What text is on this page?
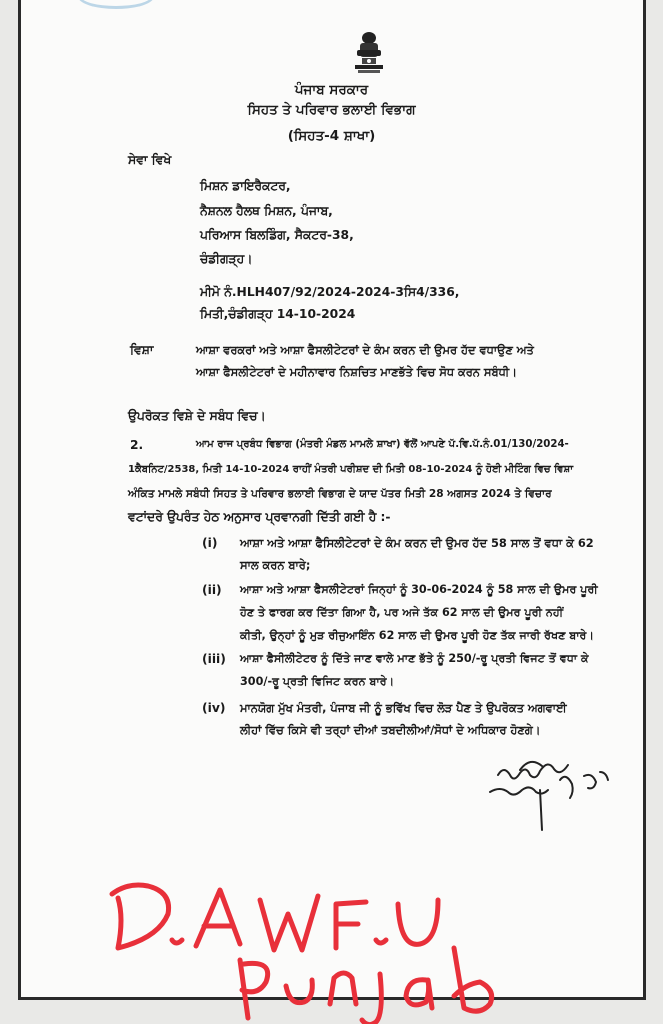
ਪੰਜਾਬ ਸਰਕਾਰ
ਸਿਹਤ ਤੇ ਪਰਿਵਾਰ ਭਲਾਈ ਵਿਭਾਗ
(ਸਿਹਤ-4 ਸ਼ਾਖਾ)
ਸੇਵਾ ਵਿਖੇ
ਮਿਸ਼ਨ ਡਾਇਰੈਕਟਰ,
ਨੈਸ਼ਨਲ ਹੈਲਥ ਮਿਸ਼ਨ, ਪੰਜਾਬ,
ਪਰਿਆਸ ਬਿਲਡਿੰਗ, ਸੈਕਟਰ-38,
ਚੰਡੀਗੜ੍ਹ।
ਮੀਮੋ ਨੰ.HLH407/92/2024-2024-3ਸਿ4/336,
ਮਿਤੀ,ਚੰਡੀਗੜ੍ਹ 14-10-2024
ਵਿਸ਼ਾ	ਆਸ਼ਾ ਵਰਕਰਾਂ ਅਤੇ ਆਸ਼ਾ ਫੈਸਲੀਟੇਟਰਾਂ ਦੇ ਕੰਮ ਕਰਨ ਦੀ ਉਮਰ ਹੱਦ ਵਧਾਉਣ ਅਤੇ
ਆਸ਼ਾ ਫੈਸਲੀਟੇਟਰਾਂ ਦੇ ਮਹੀਨਾਵਾਰ ਨਿਸ਼ਚਿਤ ਮਾਣਭੱਤੇ ਵਿਚ ਸੋਧ ਕਰਨ ਸਬੰਧੀ।
ਉਪਰੋਕਤ ਵਿਸ਼ੇ ਦੇ ਸਬੰਧ ਵਿਚ।
2.	ਆਮ ਰਾਜ ਪ੍ਰਬੰਧ ਵਿਭਾਗ (ਮੰਤਰੀ ਮੰਡਲ ਮਾਮਲੇ ਸ਼ਾਖਾ) ਵੱਲੋਂ ਆਪਣੇ ਪੱ.ਵਿ.ਪੱ.ਨੰ.01/130/2024-
1ਕੈਬਨਿਟ/2538, ਮਿਤੀ 14-10-2024 ਰਾਹੀਂ ਮੰਤਰੀ ਪਰੀਸ਼ਦ ਦੀ ਮਿਤੀ 08-10-2024 ਨੂੰ ਹੋਈ ਮੀਟਿੰਗ ਵਿਚ ਵਿਸ਼ਾ
ਅੰਕਿਤ ਮਾਮਲੇ ਸਬੰਧੀ ਸਿਹਤ ਤੇ ਪਰਿਵਾਰ ਭਲਾਈ ਵਿਭਾਗ ਦੇ ਯਾਦ ਪੱਤਰ ਮਿਤੀ 28 ਅਗਸਤ 2024 ਤੇ ਵਿਚਾਰ
ਵਟਾਂਦਰੇ ਉਪਰੰਤ ਹੇਠ ਅਨੁਸਾਰ ਪ੍ਰਵਾਨਗੀ ਦਿੱਤੀ ਗਈ ਹੈ :-
(i) ਆਸ਼ਾ ਅਤੇ ਆਸ਼ਾ ਫੈਸਿਲੀਟੇਟਰਾਂ ਦੇ ਕੰਮ ਕਰਨ ਦੀ ਉਮਰ ਹੱਦ 58 ਸਾਲ ਤੋਂ ਵਧਾ ਕੇ 62
ਸਾਲ ਕਰਨ ਬਾਰੇ;
(ii) ਆਸ਼ਾ ਅਤੇ ਆਸ਼ਾ ਫੈਸਲੀਟੇਟਰਾਂ ਜਿਨ੍ਹਾਂ ਨੂੰ 30-06-2024 ਨੂੰ 58 ਸਾਲ ਦੀ ਉਮਰ ਪੂਰੀ
ਹੋਣ ਤੇ ਫਾਰਗ ਕਰ ਦਿੱਤਾ ਗਿਆ ਹੈ, ਪਰ ਅਜੇ ਤੱਕ 62 ਸਾਲ ਦੀ ਉਮਰ ਪੂਰੀ ਨਹੀਂ
ਕੀਤੀ, ਉਨ੍ਹਾਂ ਨੂੰ ਮੁੜ ਰੀਜੁਆਇੰਨ 62 ਸਾਲ ਦੀ ਉਮਰ ਪੂਰੀ ਹੋਣ ਤੱਕ ਜਾਰੀ ਰੱਖਣ ਬਾਰੇ।
(iii) ਆਸ਼ਾ ਫੈਸੀਲੀਟੇਟਰ ਨੂੰ ਦਿੱਤੇ ਜਾਣ ਵਾਲੇ ਮਾਣ ਭੱਤੇ ਨੂੰ 250/-ਰੂ ਪ੍ਰਤੀ ਵਿਜਟ ਤੋਂ ਵਧਾ ਕੇ
300/-ਰੂ ਪ੍ਰਤੀ ਵਿਜਿਟ ਕਰਨ ਬਾਰੇ।
(iv) ਮਾਨਯੋਗ ਮੁੱਖ ਮੰਤਰੀ, ਪੰਜਾਬ ਜੀ ਨੂੰ ਭਵਿੱਖ ਵਿਚ ਲੋੜ ਪੈਣ ਤੇ ਉਪਰੋਕਤ ਅਗਵਾਈ
ਲੀਹਾਂ ਵਿੱਚ ਕਿਸੇ ਵੀ ਤਰ੍ਹਾਂ ਦੀਆਂ ਤਬਦੀਲੀਆਂ/ਸੋਧਾਂ ਦੇ ਅਧਿਕਾਰ ਹੋਣਗੇ।
